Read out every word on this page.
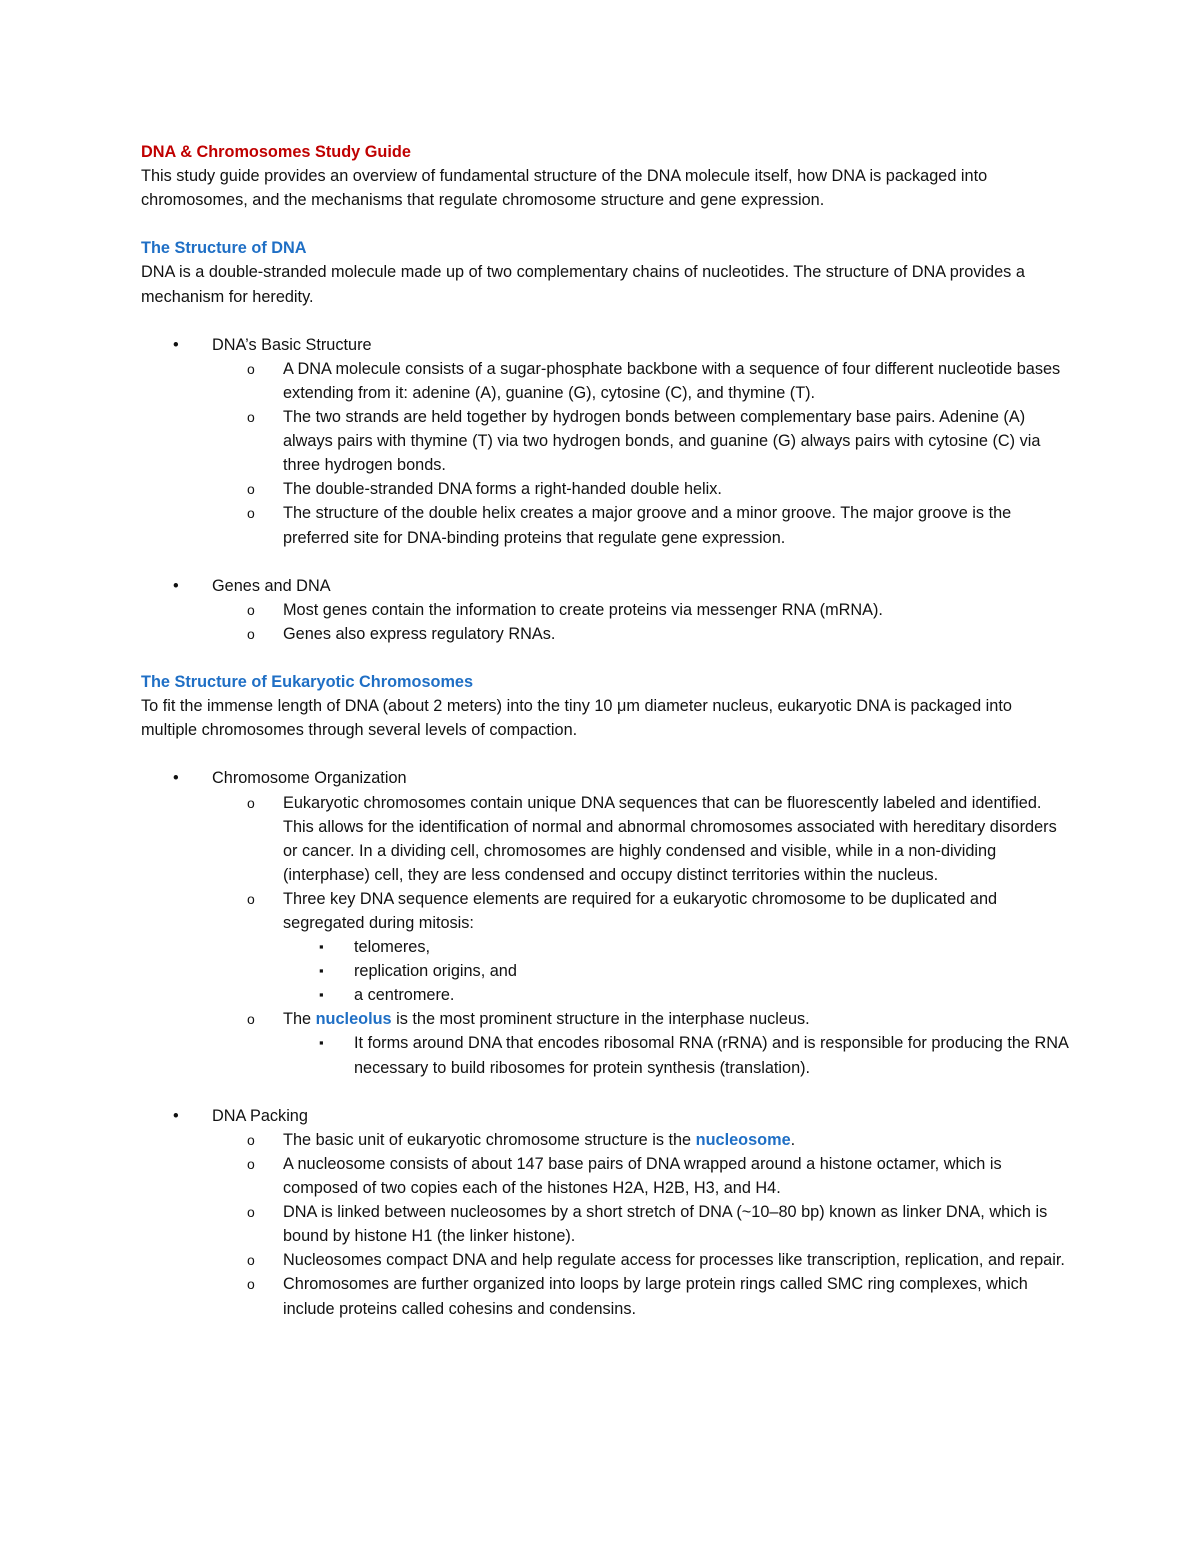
DNA & Chromosomes Study Guide

This study guide provides an overview of fundamental structure of the DNA molecule itself, how DNA is packaged into chromosomes, and the mechanisms that regulate chromosome structure and gene expression.

The Structure of DNA

DNA is a double-stranded molecule made up of two complementary chains of nucleotides. The structure of DNA provides a mechanism for heredity.

• DNA’s Basic Structure
o A DNA molecule consists of a sugar-phosphate backbone with a sequence of four different nucleotide bases extending from it: adenine (A), guanine (G), cytosine (C), and thymine (T).
o The two strands are held together by hydrogen bonds between complementary base pairs. Adenine (A) always pairs with thymine (T) via two hydrogen bonds, and guanine (G) always pairs with cytosine (C) via three hydrogen bonds.
o The double-stranded DNA forms a right-handed double helix.
o The structure of the double helix creates a major groove and a minor groove. The major groove is the preferred site for DNA-binding proteins that regulate gene expression.
• Genes and DNA
o Most genes contain the information to create proteins via messenger RNA (mRNA).
o Genes also express regulatory RNAs.

The Structure of Eukaryotic Chromosomes

To fit the immense length of DNA (about 2 meters) into the tiny 10 μm diameter nucleus, eukaryotic DNA is packaged into multiple chromosomes through several levels of compaction.

• Chromosome Organization
o Eukaryotic chromosomes contain unique DNA sequences that can be fluorescently labeled and identified. This allows for the identification of normal and abnormal chromosomes associated with hereditary disorders or cancer. In a dividing cell, chromosomes are highly condensed and visible, while in a non-dividing (interphase) cell, they are less condensed and occupy distinct territories within the nucleus.
o Three key DNA sequence elements are required for a eukaryotic chromosome to be duplicated and segregated during mitosis:
▪ telomeres,
▪ replication origins, and
▪ a centromere.
o The nucleolus is the most prominent structure in the interphase nucleus.
▪ It forms around DNA that encodes ribosomal RNA (rRNA) and is responsible for producing the RNA necessary to build ribosomes for protein synthesis (translation).
• DNA Packing
o The basic unit of eukaryotic chromosome structure is the nucleosome.
o A nucleosome consists of about 147 base pairs of DNA wrapped around a histone octamer, which is composed of two copies each of the histones H2A, H2B, H3, and H4.
o DNA is linked between nucleosomes by a short stretch of DNA (~10–80 bp) known as linker DNA, which is bound by histone H1 (the linker histone).
o Nucleosomes compact DNA and help regulate access for processes like transcription, replication, and repair.
o Chromosomes are further organized into loops by large protein rings called SMC ring complexes, which include proteins called cohesins and condensins.
